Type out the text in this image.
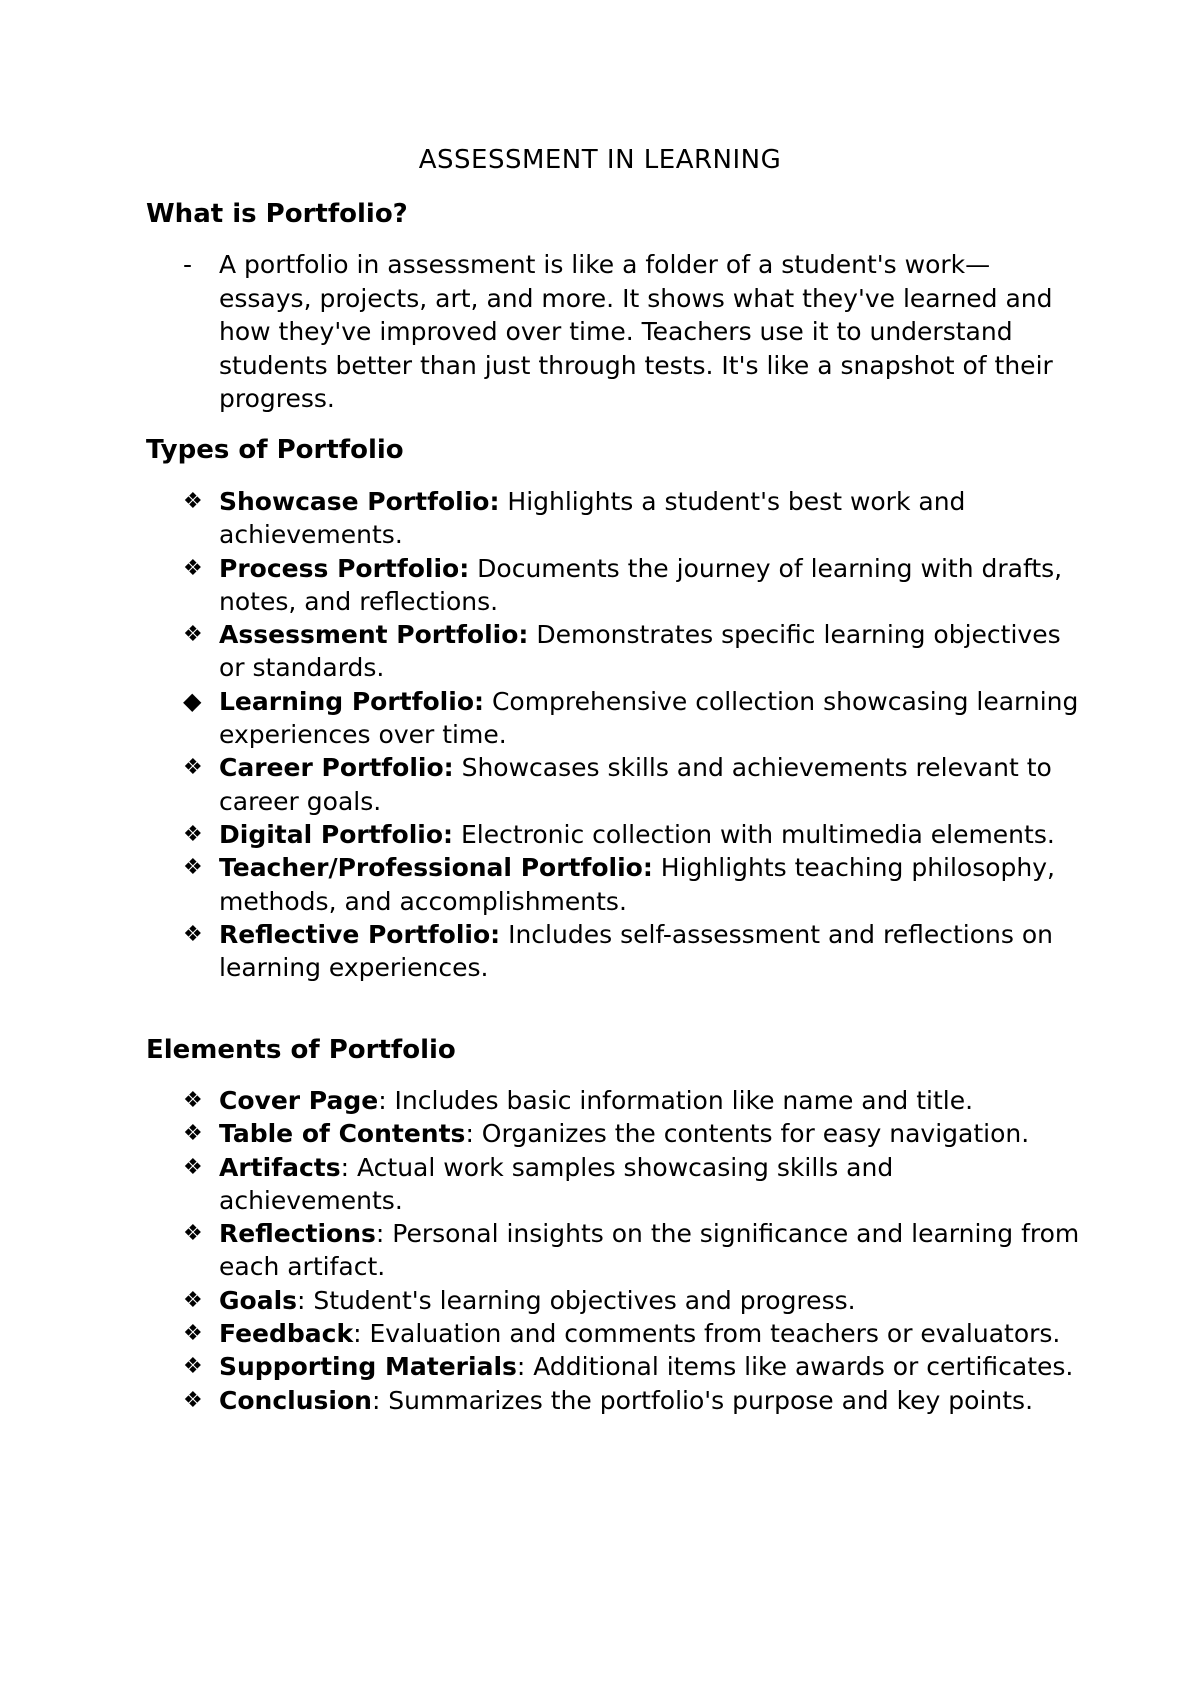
ASSESSMENT IN LEARNING
What is Portfolio?
-	A portfolio in assessment is like a folder of a student's work—essays, projects, art, and more. It shows what they've learned and how they've improved over time. Teachers use it to understand students better than just through tests. It's like a snapshot of their progress.
Types of Portfolio
❖ Showcase Portfolio: Highlights a student's best work and achievements.
❖ Process Portfolio: Documents the journey of learning with drafts, notes, and reflections.
❖ Assessment Portfolio: Demonstrates specific learning objectives or standards.
◆ Learning Portfolio: Comprehensive collection showcasing learning experiences over time.
❖ Career Portfolio: Showcases skills and achievements relevant to career goals.
❖ Digital Portfolio: Electronic collection with multimedia elements.
❖ Teacher/Professional Portfolio: Highlights teaching philosophy, methods, and accomplishments.
❖ Reflective Portfolio: Includes self-assessment and reflections on learning experiences.
Elements of Portfolio
❖ Cover Page: Includes basic information like name and title.
❖ Table of Contents: Organizes the contents for easy navigation.
❖ Artifacts: Actual work samples showcasing skills and achievements.
❖ Reflections: Personal insights on the significance and learning from each artifact.
❖ Goals: Student's learning objectives and progress.
❖ Feedback: Evaluation and comments from teachers or evaluators.
❖ Supporting Materials: Additional items like awards or certificates.
❖ Conclusion: Summarizes the portfolio's purpose and key points.
